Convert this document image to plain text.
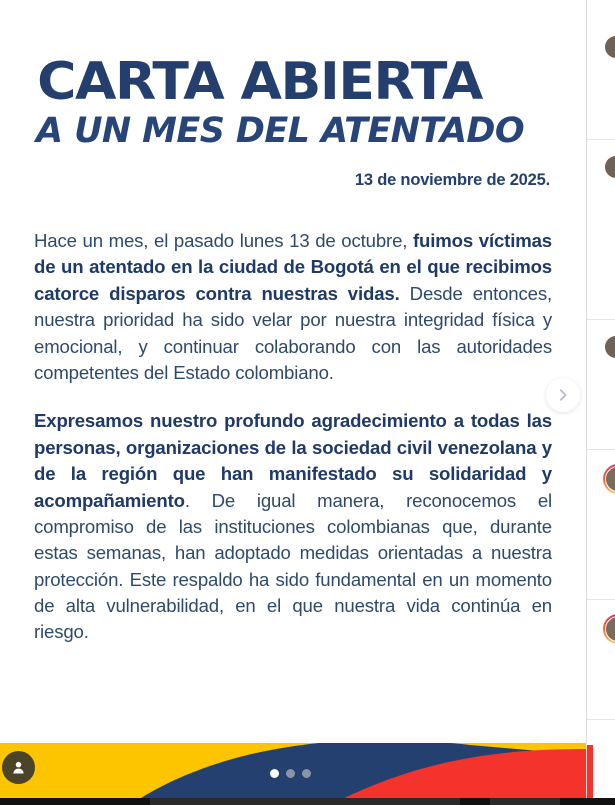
CARTA ABIERTA
A UN MES DEL ATENTADO

13 de noviembre de 2025.

Hace un mes, el pasado lunes 13 de octubre, fuimos víctimas de un atentado en la ciudad de Bogotá en el que recibimos catorce disparos contra nuestras vidas. Desde entonces, nuestra prioridad ha sido velar por nuestra integridad física y emocional, y continuar colaborando con las autoridades competentes del Estado colombiano.

Expresamos nuestro profundo agradecimiento a todas las personas, organizaciones de la sociedad civil venezolana y de la región que han manifestado su solidaridad y acompañamiento. De igual manera, reconocemos el compromiso de las instituciones colombianas que, durante estas semanas, han adoptado medidas orientadas a nuestra protección. Este respaldo ha sido fundamental en un momento de alta vulnerabilidad, en el que nuestra vida continúa en riesgo.
